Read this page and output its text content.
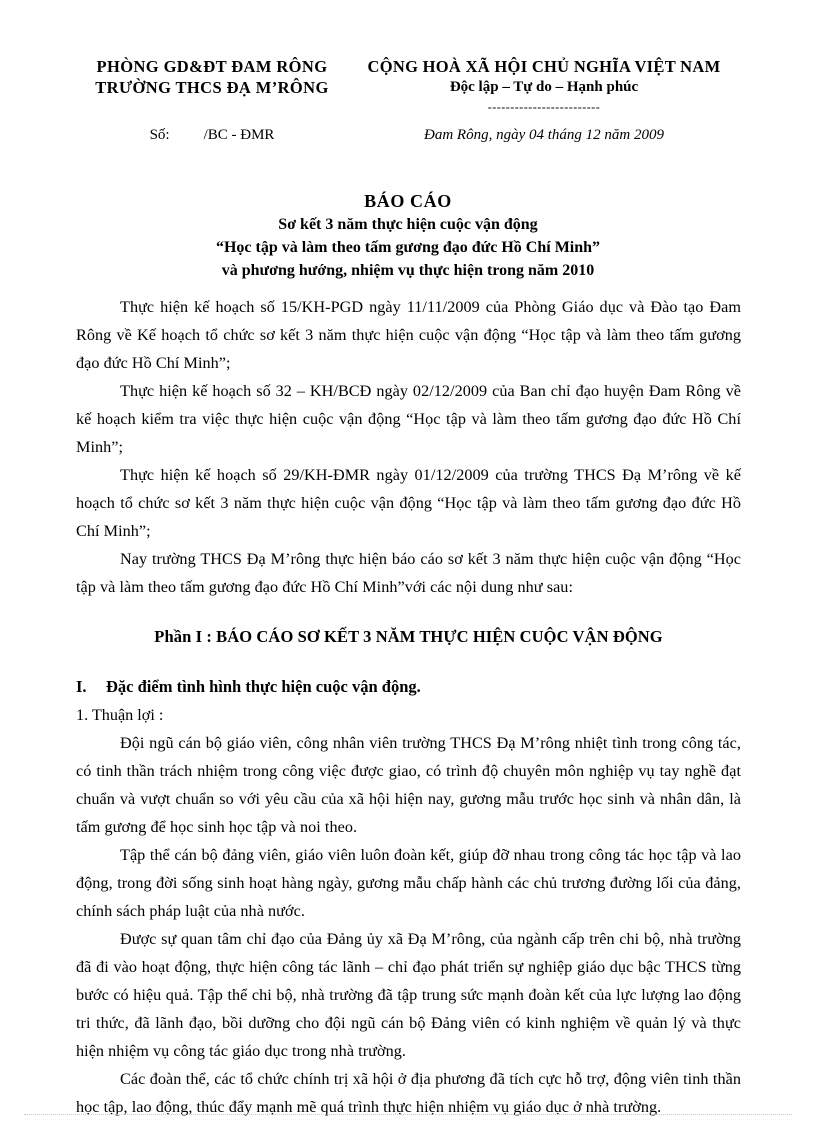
PHÒNG GD&ĐT ĐAM RÔNG
TRƯỜNG THCS ĐẠ M’RÔNG
CỘNG HOÀ XÃ HỘI CHỦ NGHĨA VIỆT NAM
Độc lập – Tự do – Hạnh phúc
-------------------------
Số: /BC - ĐMR	Đam Rông, ngày 04 tháng 12 năm 2009
BÁO CÁO
Sơ kết 3 năm thực hiện cuộc vận động
“Học tập và làm theo tấm gương đạo đức Hồ Chí Minh”
và phương hướng, nhiệm vụ thực hiện trong năm 2010

Thực hiện kế hoạch số 15/KH-PGD ngày 11/11/2009 của Phòng Giáo dục và Đào tạo Đam Rông về Kế hoạch tổ chức sơ kết 3 năm thực hiện cuộc vận động “Học tập và làm theo tấm gương đạo đức Hồ Chí Minh”;

Thực hiện kế hoạch số 32 – KH/BCĐ ngày 02/12/2009 của Ban chỉ đạo huyện Đam Rông về kế hoạch kiểm tra việc thực hiện cuộc vận động “Học tập và làm theo tấm gương đạo đức Hồ Chí Minh”;

Thực hiện kế hoạch số 29/KH-ĐMR ngày 01/12/2009 của trường THCS Đạ M’rông về kế hoạch tổ chức sơ kết 3 năm thực hiện cuộc vận động “Học tập và làm theo tấm gương đạo đức Hồ Chí Minh”;

Nay trường THCS Đạ M’rông thực hiện báo cáo sơ kết 3 năm thực hiện cuộc vận động “Học tập và làm theo tấm gương đạo đức Hồ Chí Minh”với các nội dung như sau:

Phần I : BÁO CÁO SƠ KẾT 3 NĂM THỰC HIỆN CUỘC VẬN ĐỘNG

I. Đặc điểm tình hình thực hiện cuộc vận động.

1. Thuận lợi :

Đội ngũ cán bộ giáo viên, công nhân viên trường THCS Đạ M’rông nhiệt tình trong công tác, có tinh thần trách nhiệm trong công việc được giao, có trình độ chuyên môn nghiệp vụ tay nghề đạt chuẩn và vượt chuẩn so với yêu cầu của xã hội hiện nay, gương mẫu trước học sinh và nhân dân, là tấm gương để học sinh học tập và noi theo.

Tập thể cán bộ đảng viên, giáo viên luôn đoàn kết, giúp đỡ nhau trong công tác học tập và lao động, trong đời sống sinh hoạt hàng ngày, gương mẫu chấp hành các chủ trương đường lối của đảng, chính sách pháp luật của nhà nước.

Được sự quan tâm chỉ đạo của Đảng ủy xã Đạ M’rông, của ngành cấp trên chi bộ, nhà trường đã đi vào hoạt động, thực hiện công tác lãnh – chỉ đạo phát triển sự nghiệp giáo dục bậc THCS từng bước có hiệu quả. Tập thể chi bộ, nhà trường đã tập trung sức mạnh đoàn kết của lực lượng lao động tri thức, đã lãnh đạo, bồi dưỡng cho đội ngũ cán bộ Đảng viên có kinh nghiệm về quản lý và thực hiện nhiệm vụ công tác giáo dục trong nhà trường.

Các đoàn thể, các tổ chức chính trị xã hội ở địa phương đã tích cực hỗ trợ, động viên tinh thần học tập, lao động, thúc đẩy mạnh mẽ quá trình thực hiện nhiệm vụ giáo dục ở nhà trường.
